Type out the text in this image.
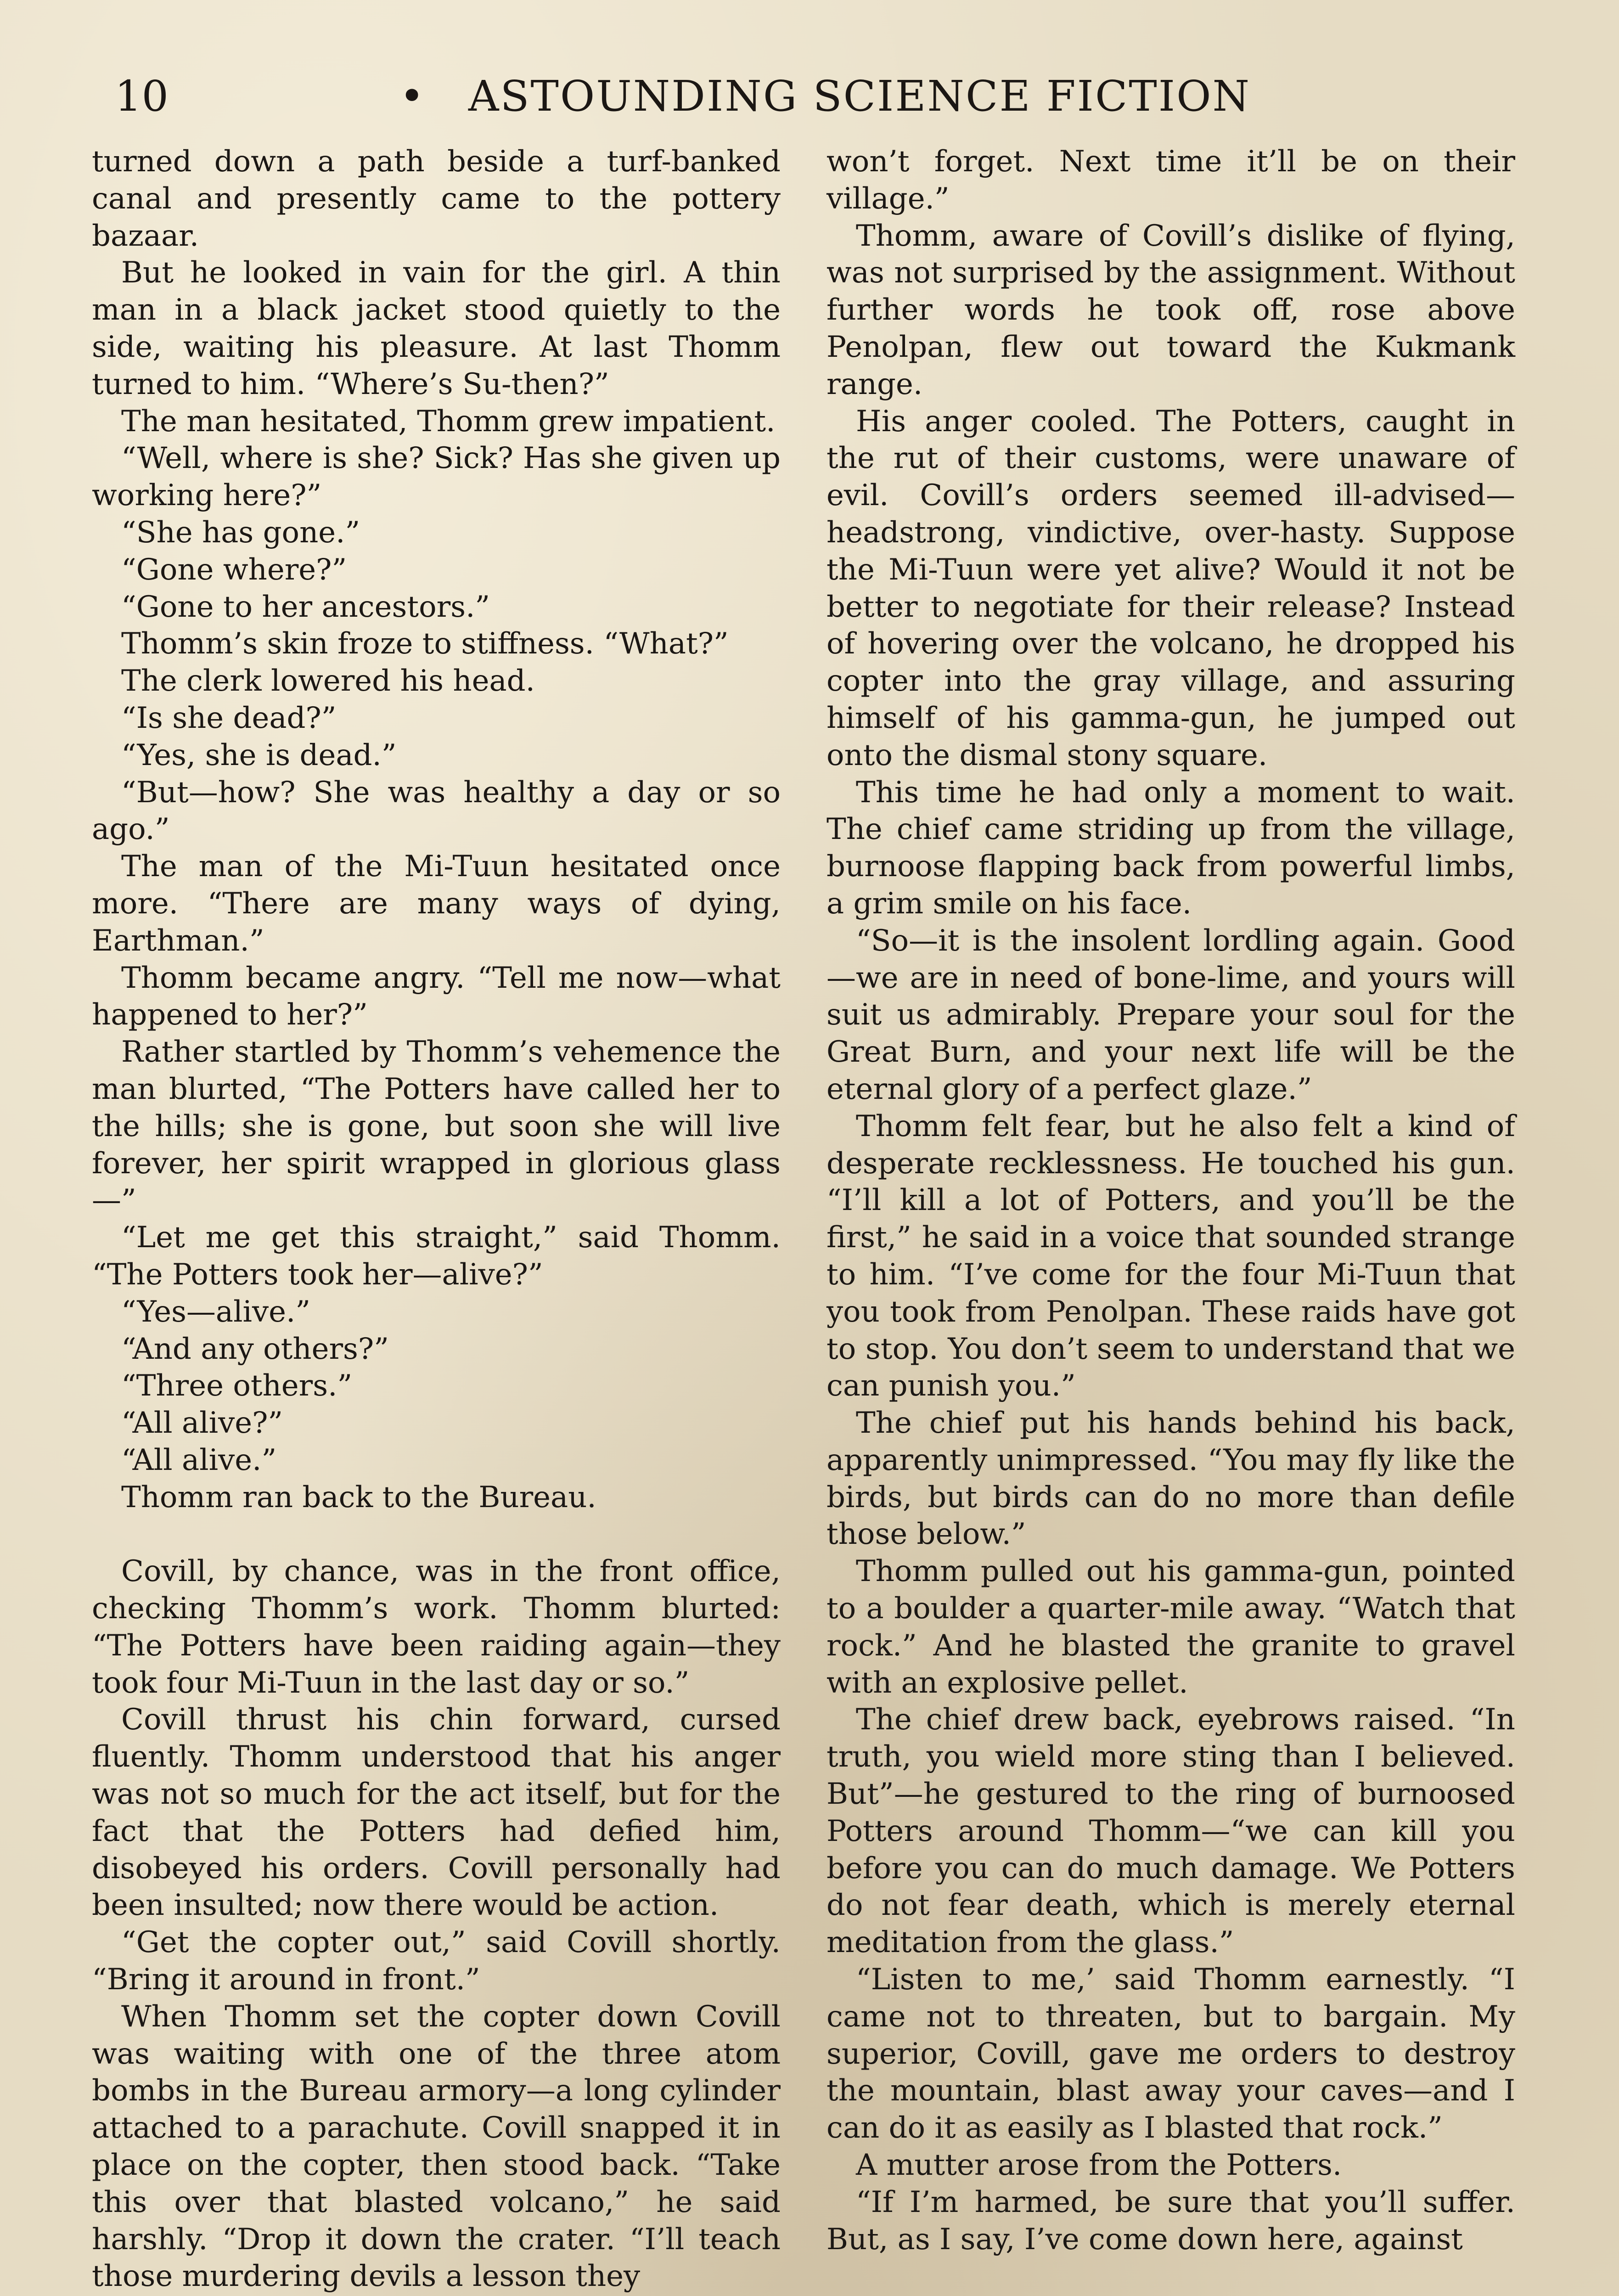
10	• ASTOUNDING SCIENCE FICTION

turned down a path beside a turf-banked canal and presently came to the pottery bazaar.

But he looked in vain for the girl. A thin man in a black jacket stood quietly to the side, waiting his pleasure. At last Thomm turned to him. “Where’s Su-then?”

The man hesitated, Thomm grew impatient.

“Well, where is she? Sick? Has she given up working here?”

“She has gone.”

“Gone where?”

“Gone to her ancestors.”

Thomm’s skin froze to stiffness. “What?”

The clerk lowered his head.

“Is she dead?”

“Yes, she is dead.”

“But—how? She was healthy a day or so ago.”

The man of the Mi-Tuun hesitated once more. “There are many ways of dying, Earthman.”

Thomm became angry. “Tell me now—what happened to her?”

Rather startled by Thomm’s vehemence the man blurted, “The Potters have called her to the hills; she is gone, but soon she will live forever, her spirit wrapped in glorious glass—”

“Let me get this straight,” said Thomm. “The Potters took her—alive?”

“Yes—alive.”

“And any others?”

“Three others.”

“All alive?”

“All alive.”

Thomm ran back to the Bureau.

Covill, by chance, was in the front office, checking Thomm’s work. Thomm blurted: “The Potters have been raiding again—they took four Mi-Tuun in the last day or so.”

Covill thrust his chin forward, cursed fluently. Thomm understood that his anger was not so much for the act itself, but for the fact that the Potters had defied him, disobeyed his orders. Covill personally had been insulted; now there would be action.

“Get the copter out,” said Covill shortly. “Bring it around in front.”

When Thomm set the copter down Covill was waiting with one of the three atom bombs in the Bureau armory—a long cylinder attached to a parachute. Covill snapped it in place on the copter, then stood back. “Take this over that blasted volcano,” he said harshly. “Drop it down the crater. “I’ll teach those murdering devils a lesson they

won’t forget. Next time it’ll be on their village.”

Thomm, aware of Covill’s dislike of flying, was not surprised by the assignment. Without further words he took off, rose above Penolpan, flew out toward the Kukmank range.

His anger cooled. The Potters, caught in the rut of their customs, were unaware of evil. Covill’s orders seemed ill-advised—headstrong, vindictive, over-hasty. Suppose the Mi-Tuun were yet alive? Would it not be better to negotiate for their release? Instead of hovering over the volcano, he dropped his copter into the gray village, and assuring himself of his gamma-gun, he jumped out onto the dismal stony square.

This time he had only a moment to wait. The chief came striding up from the village, burnoose flapping back from powerful limbs, a grim smile on his face.

“So—it is the insolent lordling again. Good—we are in need of bone-lime, and yours will suit us admirably. Prepare your soul for the Great Burn, and your next life will be the eternal glory of a perfect glaze.”

Thomm felt fear, but he also felt a kind of desperate recklessness. He touched his gun. “I’ll kill a lot of Potters, and you’ll be the first,” he said in a voice that sounded strange to him. “I’ve come for the four Mi-Tuun that you took from Penolpan. These raids have got to stop. You don’t seem to understand that we can punish you.”

The chief put his hands behind his back, apparently unimpressed. “You may fly like the birds, but birds can do no more than defile those below.”

Thomm pulled out his gamma-gun, pointed to a boulder a quarter-mile away. “Watch that rock.” And he blasted the granite to gravel with an explosive pellet.

The chief drew back, eyebrows raised. “In truth, you wield more sting than I believed. But”—he gestured to the ring of burnoosed Potters around Thomm—“we can kill you before you can do much damage. We Potters do not fear death, which is merely eternal meditation from the glass.”

“Listen to me,’ said Thomm earnestly. “I came not to threaten, but to bargain. My superior, Covill, gave me orders to destroy the mountain, blast away your caves—and I can do it as easily as I blasted that rock.”

A mutter arose from the Potters.

“If I’m harmed, be sure that you’ll suffer. But, as I say, I’ve come down here, against
